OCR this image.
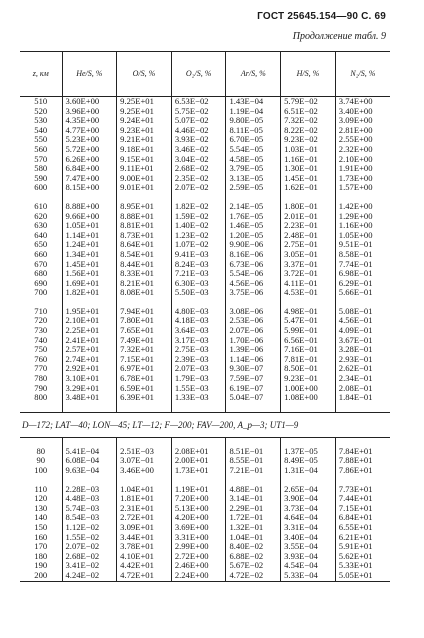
ГОСТ 25645.154—90 С. 69
Продолжение табл. 9
z, км	He/S, %	O/S, %	O₂/S, %	Ar/S, %	H/S, %	N₂/S, %
510	3.60E+00	9.25E+01	6.53E−02	1.43E−04	5.79E−02	3.74E+00
520	3.96E+00	9.25E+01	5.75E−02	1.19E−04	6.51E−02	3.40E+00
530	4.35E+00	9.24E+01	5.07E−02	9.80E−05	7.32E−02	3.09E+00
540	4.77E+00	9.23E+01	4.46E−02	8.11E−05	8.22E−02	2.81E+00
550	5.23E+00	9.21E+01	3.93E−02	6.70E−05	9.23E−02	2.55E+00
560	5.72E+00	9.18E+01	3.46E−02	5.54E−05	1.03E−01	2.32E+00
570	6.26E+00	9.15E+01	3.04E−02	4.58E−05	1.16E−01	2.10E+00
580	6.84E+00	9.11E+01	2.68E−02	3.79E−05	1.30E−01	1.91E+00
590	7.47E+00	9.00E+01	2.35E−02	3.13E−05	1.45E−01	1.73E+00
600	8.15E+00	9.01E+01	2.07E−02	2.59E−05	1.62E−01	1.57E+00

610	8.88E+00	8.95E+01	1.82E−02	2.14E−05	1.80E−01	1.42E+00
620	9.66E+00	8.88E+01	1.59E−02	1.76E−05	2.01E−01	1.29E+00
630	1.05E+01	8.81E+01	1.40E−02	1.46E−05	2.23E−01	1.16E+00
640	1.14E+01	8.73E+01	1.23E−02	1.20E−05	2.48E−01	1.05E+00
650	1.24E+01	8.64E+01	1.07E−02	9.90E−06	2.75E−01	9.51E−01
660	1.34E+01	8.54E+01	9.41E−03	8.16E−06	3.05E−01	8.58E−01
670	1.45E+01	8.44E+01	8.24E−03	6.73E−06	3.37E−01	7.74E−01
680	1.56E+01	8.33E+01	7.21E−03	5.54E−06	3.72E−01	6.98E−01
690	1.69E+01	8.21E+01	6.30E−03	4.56E−06	4.11E−01	6.29E−01
700	1.82E+01	8.08E+01	5.50E−03	3.75E−06	4.53E−01	5.66E−01

710	1.95E+01	7.94E+01	4.80E−03	3.08E−06	4.98E−01	5.08E−01
720	2.10E+01	7.80E+01	4.18E−03	2.53E−06	5.47E−01	4.56E−01
730	2.25E+01	7.65E+01	3.64E−03	2.07E−06	5.99E−01	4.09E−01
740	2.41E+01	7.49E+01	3.17E−03	1.70E−06	6.56E−01	3.67E−01
750	2.57E+01	7.32E+01	2.75E−03	1.39E−06	7.16E−01	3.28E−01
760	2.74E+01	7.15E+01	2.39E−03	1.14E−06	7.81E−01	2.93E−01
770	2.92E+01	6.97E+01	2.07E−03	9.30E−07	8.50E−01	2.62E−01
780	3.10E+01	6.78E+01	1.79E−03	7.59E−07	9.23E−01	2.34E−01
790	3.29E+01	6.59E+01	1.55E−03	6.19E−07	1.00E+00	2.08E−01
800	3.48E+01	6.39E+01	1.33E−03	5.04E−07	1.08E+00	1.84E−01

D—172; LAT—40; LON—45; LT—12; F—200; FAV—200, A_p—3; UT1—9						

80	5.41E−04	2.51E−03	2.08E+01	8.51E−01	1.37E−05	7.84E+01
90	6.08E−04	3.07E−01	2.00E+01	8.55E−01	8.49E−05	7.88E+01
100	9.63E−04	3.46E+00	1.73E+01	7.21E−01	1.31E−04	7.86E+01

110	2.28E−03	1.04E+01	1.19E+01	4.88E−01	2.65E−04	7.73E+01
120	4.48E−03	1.81E+01	7.20E+00	3.14E−01	3.90E−04	7.44E+01
130	5.74E−03	2.31E+01	5.13E+00	2.29E−01	3.73E−04	7.15E+01
140	8.54E−03	2.72E+01	4.20E+00	1.72E−01	4.64E−04	6.84E+01
150	1.12E−02	3.09E+01	3.69E+00	1.32E−01	3.31E−04	6.55E+01
160	1.55E−02	3.44E+01	3.31E+00	1.04E−01	3.40E−04	6.21E+01
170	2.07E−02	3.78E+01	2.99E+00	8.40E−02	3.55E−04	5.91E+01
180	2.68E−02	4.10E+01	2.72E+00	6.88E−02	3.93E−04	5.62E+01
190	3.41E−02	4.42E+01	2.46E+00	5.67E−02	4.54E−04	5.33E+01
200	4.24E−02	4.72E+01	2.24E+00	4.72E−02	5.33E−04	5.05E+01
